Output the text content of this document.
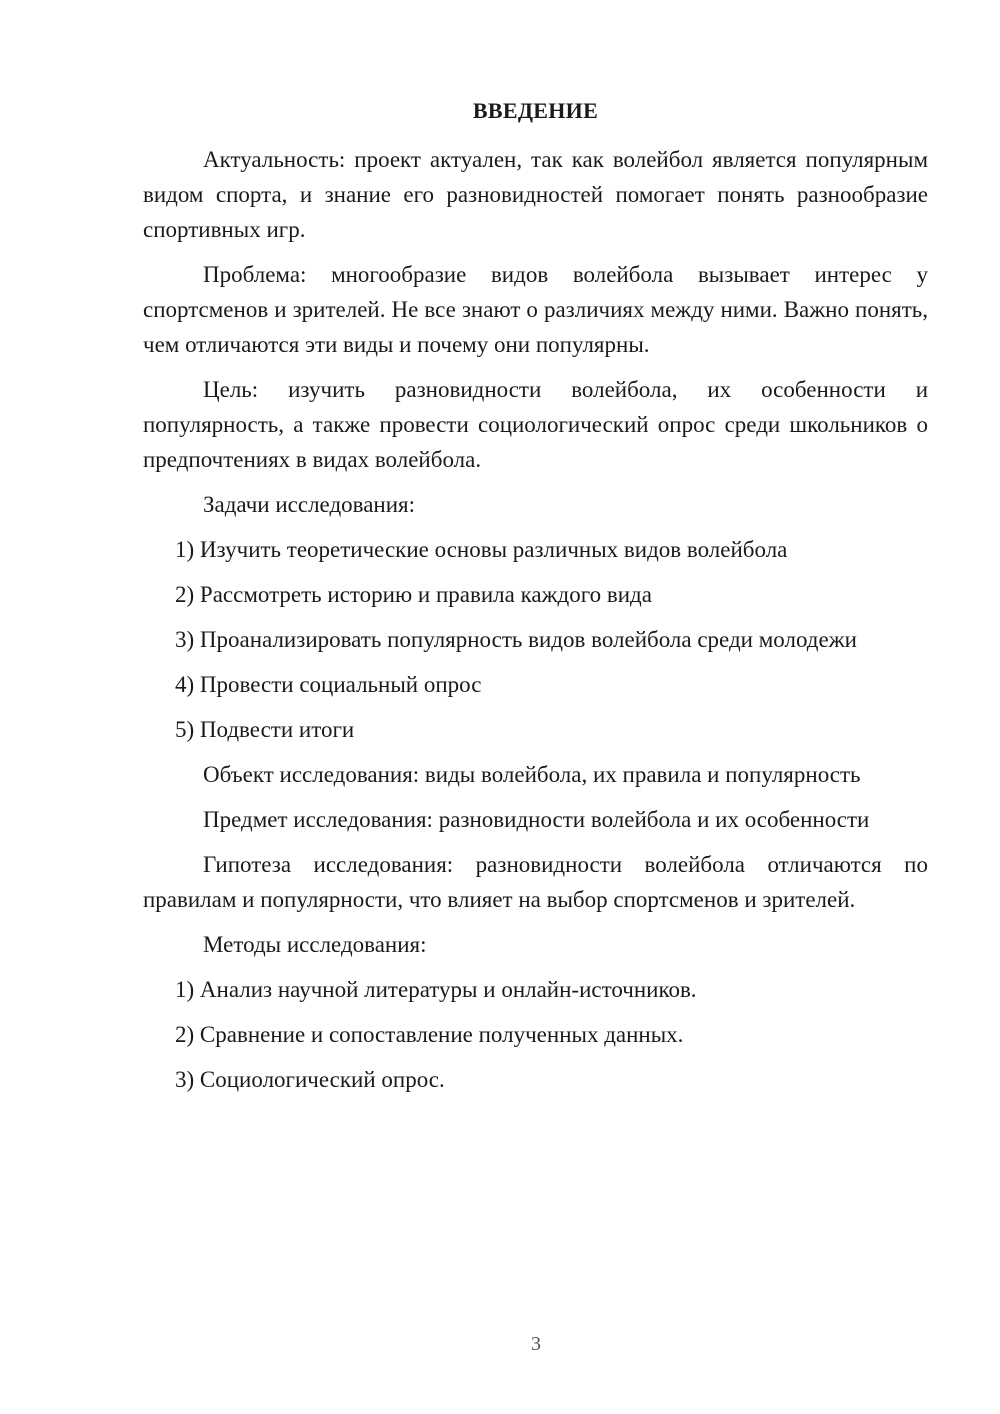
ВВЕДЕНИЕ

Актуальность: проект актуален, так как волейбол является популярным видом спорта, и знание его разновидностей помогает понять разнообразие спортивных игр.

Проблема: многообразие видов волейбола вызывает интерес у спортсменов и зрителей. Не все знают о различиях между ними. Важно понять, чем отличаются эти виды и почему они популярны.

Цель: изучить разновидности волейбола, их особенности и популярность, а также провести социологический опрос среди школьников о предпочтениях в видах волейбола.

Задачи исследования:

1) Изучить теоретические основы различных видов волейбола
2) Рассмотреть историю и правила каждого вида
3) Проанализировать популярность видов волейбола среди молодежи
4) Провести социальный опрос
5) Подвести итоги

Объект исследования: виды волейбола, их правила и популярность

Предмет исследования: разновидности волейбола и их особенности

Гипотеза исследования: разновидности волейбола отличаются по правилам и популярности, что влияет на выбор спортсменов и зрителей.

Методы исследования:

1) Анализ научной литературы и онлайн-источников.
2) Сравнение и сопоставление полученных данных.
3) Социологический опрос.
3
